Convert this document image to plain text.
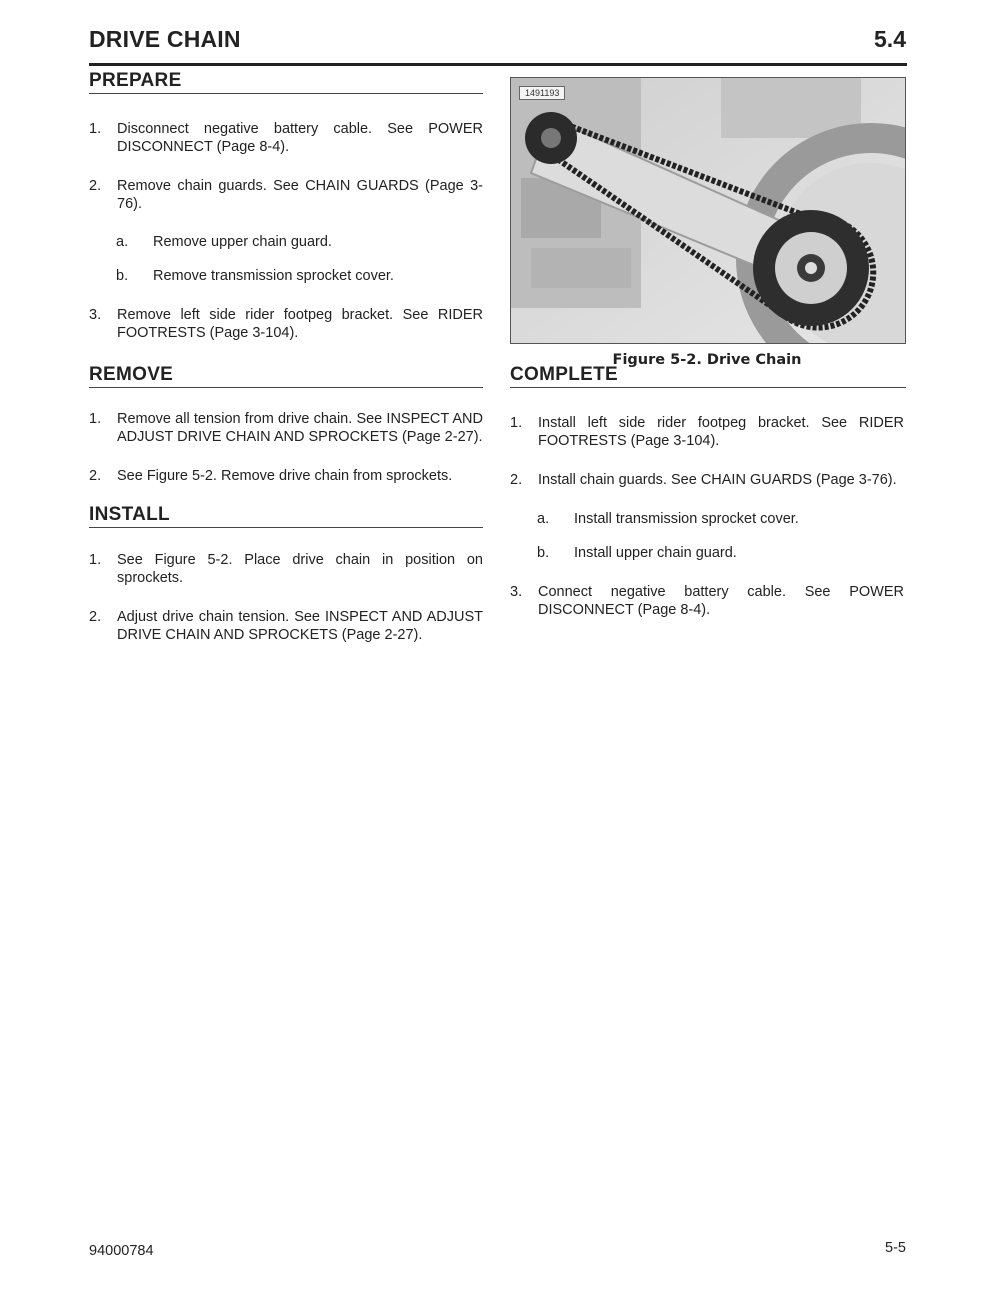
DRIVE CHAIN	5.4
PREPARE
1. Disconnect negative battery cable. See POWER DISCONNECT (Page 8-4).
2. Remove chain guards. See CHAIN GUARDS (Page 3-76).
a. Remove upper chain guard.
b. Remove transmission sprocket cover.
3. Remove left side rider footpeg bracket. See RIDER FOOTRESTS (Page 3-104).
REMOVE
1. Remove all tension from drive chain. See INSPECT AND ADJUST DRIVE CHAIN AND SPROCKETS (Page 2-27).
2. See Figure 5-2. Remove drive chain from sprockets.
INSTALL
1. See Figure 5-2. Place drive chain in position on sprockets.
2. Adjust drive chain tension. See INSPECT AND ADJUST DRIVE CHAIN AND SPROCKETS (Page 2-27).
1491193
Figure 5-2. Drive Chain
COMPLETE
1. Install left side rider footpeg bracket. See RIDER FOOTRESTS (Page 3-104).
2. Install chain guards. See CHAIN GUARDS (Page 3-76).
a. Install transmission sprocket cover.
b. Install upper chain guard.
3. Connect negative battery cable. See POWER DISCONNECT (Page 8-4).
94000784	5-5
